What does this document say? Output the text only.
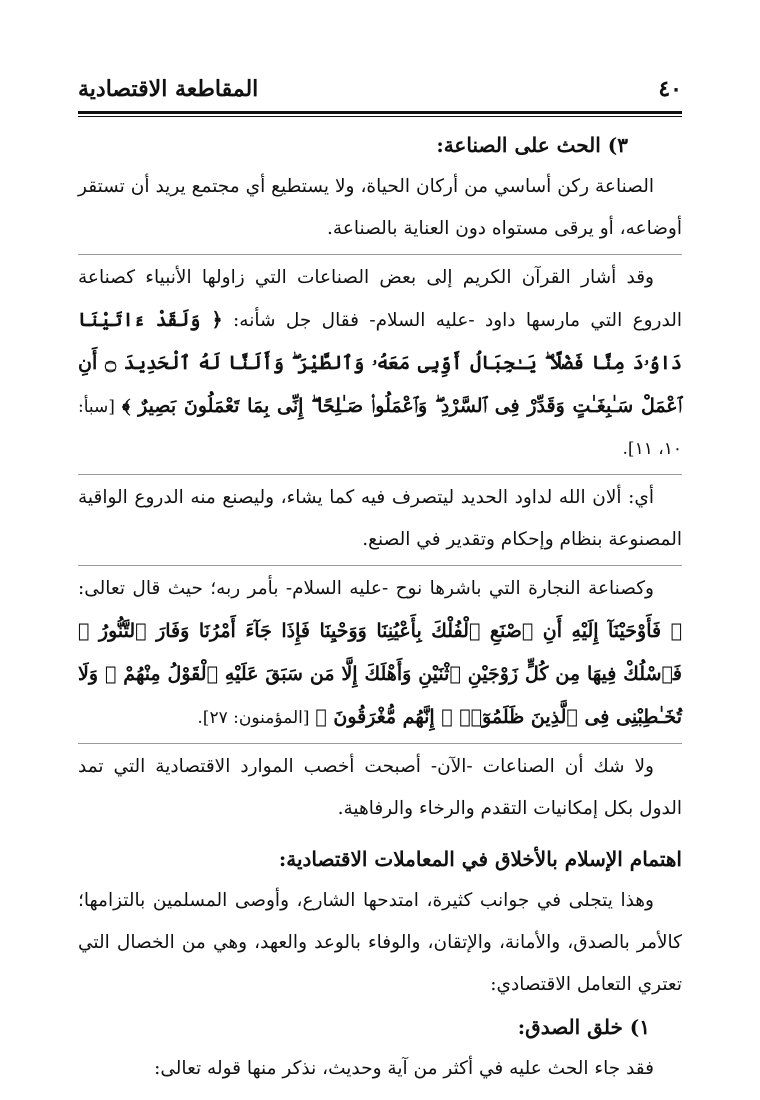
٤٠
المقاطعة الاقتصادية
٣) الحث على الصناعة:

الصناعة ركن أساسي من أركان الحياة، ولا يستطيع أي مجتمع يريد أن تستقر أوضاعه، أو يرقى مستواه دون العناية بالصناعة.

وقد أشار القرآن الكريم إلى بعض الصناعات التي زاولها الأنبياء كصناعة الدروع التي مارسها داود -عليه السلام- فقال جل شأنه: ﴿ وَلَقَدْ ءَاتَيْنَا دَاوُۥدَ مِنَّا فَضْلًا ۖ يَـٰجِبَالُ أَوِّبِى مَعَهُۥ وَٱلطَّيْرَ ۖ وَأَلَنَّا لَهُ ٱلْحَدِيدَ ۝ أَنِ ٱعْمَلْ سَـٰبِغَـٰتٍ وَقَدِّرْ فِى ٱلسَّرْدِ ۖ وَٱعْمَلُوا۟ صَـٰلِحًا ۖ إِنِّى بِمَا تَعْمَلُونَ بَصِيرٌ ﴾ [سبأ: ١٠، ١١].

أي: ألان الله لداود الحديد ليتصرف فيه كما يشاء، وليصنع منه الدروع الواقية المصنوعة بنظام وإحكام وتقدير في الصنع.

وكصناعة النجارة التي باشرها نوح -عليه السلام- بأمر ربه؛ حيث قال تعالى: ﴿ فَأَوْحَيْنَآ إِلَيْهِ أَنِ ٱصْنَعِ ٱلْفُلْكَ بِأَعْيُنِنَا وَوَحْيِنَا فَإِذَا جَآءَ أَمْرُنَا وَفَارَ ٱلتَّنُّورُ ۙ فَٱسْلُكْ فِيهَا مِن كُلٍّ زَوْجَيْنِ ٱثْنَيْنِ وَأَهْلَكَ إِلَّا مَن سَبَقَ عَلَيْهِ ٱلْقَوْلُ مِنْهُمْ ۖ وَلَا تُخَـٰطِبْنِى فِى ٱلَّذِينَ ظَلَمُوٓا۟ ۖ إِنَّهُم مُّغْرَقُونَ ﴾ [المؤمنون: ٢٧].

ولا شك أن الصناعات -الآن- أصبحت أخصب الموارد الاقتصادية التي تمد الدول بكل إمكانيات التقدم والرخاء والرفاهية.

اهتمام الإسلام بالأخلاق في المعاملات الاقتصادية:

وهذا يتجلى في جوانب كثيرة، امتدحها الشارع، وأوصى المسلمين بالتزامها؛ كالأمر بالصدق، والأمانة، والإتقان، والوفاء بالوعد والعهد، وهي من الخصال التي تعتري التعامل الاقتصادي:

١) خلق الصدق:

فقد جاء الحث عليه في أكثر من آية وحديث، نذكر منها قوله تعالى:
